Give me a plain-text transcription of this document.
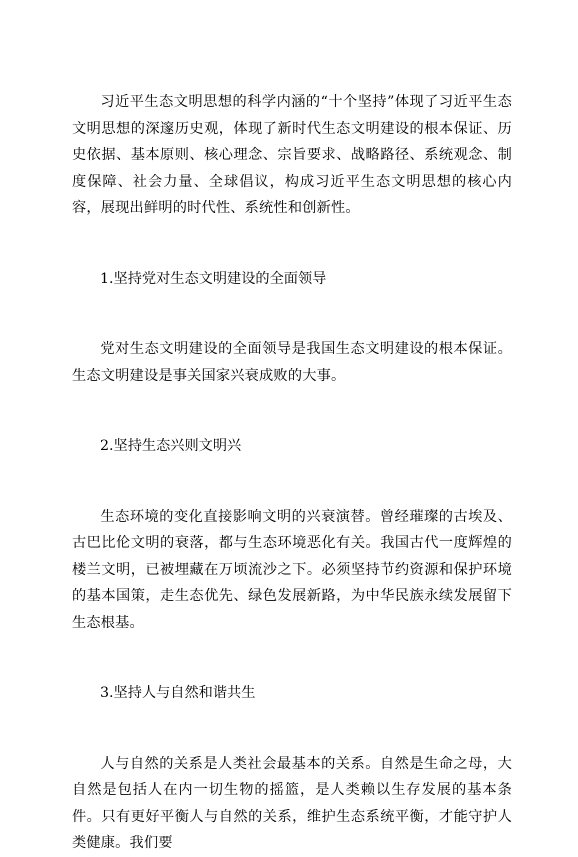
习近平生态文明思想的科学内涵的“十个坚持”体现了习近平生态文明思想的深邃历史观，体现了新时代生态文明建设的根本保证、历史依据、基本原则、核心理念、宗旨要求、战略路径、系统观念、制度保障、社会力量、全球倡议，构成习近平生态文明思想的核心内容，展现出鲜明的时代性、系统性和创新性。

1.坚持党对生态文明建设的全面领导

党对生态文明建设的全面领导是我国生态文明建设的根本保证。生态文明建设是事关国家兴衰成败的大事。

2.坚持生态兴则文明兴

生态环境的变化直接影响文明的兴衰演替。曾经璀璨的古埃及、古巴比伦文明的衰落，都与生态环境恶化有关。我国古代一度辉煌的楼兰文明，已被埋藏在万顷流沙之下。必须坚持节约资源和保护环境的基本国策，走生态优先、绿色发展新路，为中华民族永续发展留下生态根基。

3.坚持人与自然和谐共生

人与自然的关系是人类社会最基本的关系。自然是生命之母，大自然是包括人在内一切生物的摇篮，是人类赖以生存发展的基本条件。只有更好平衡人与自然的关系，维护生态系统平衡，才能守护人类健康。我们要
